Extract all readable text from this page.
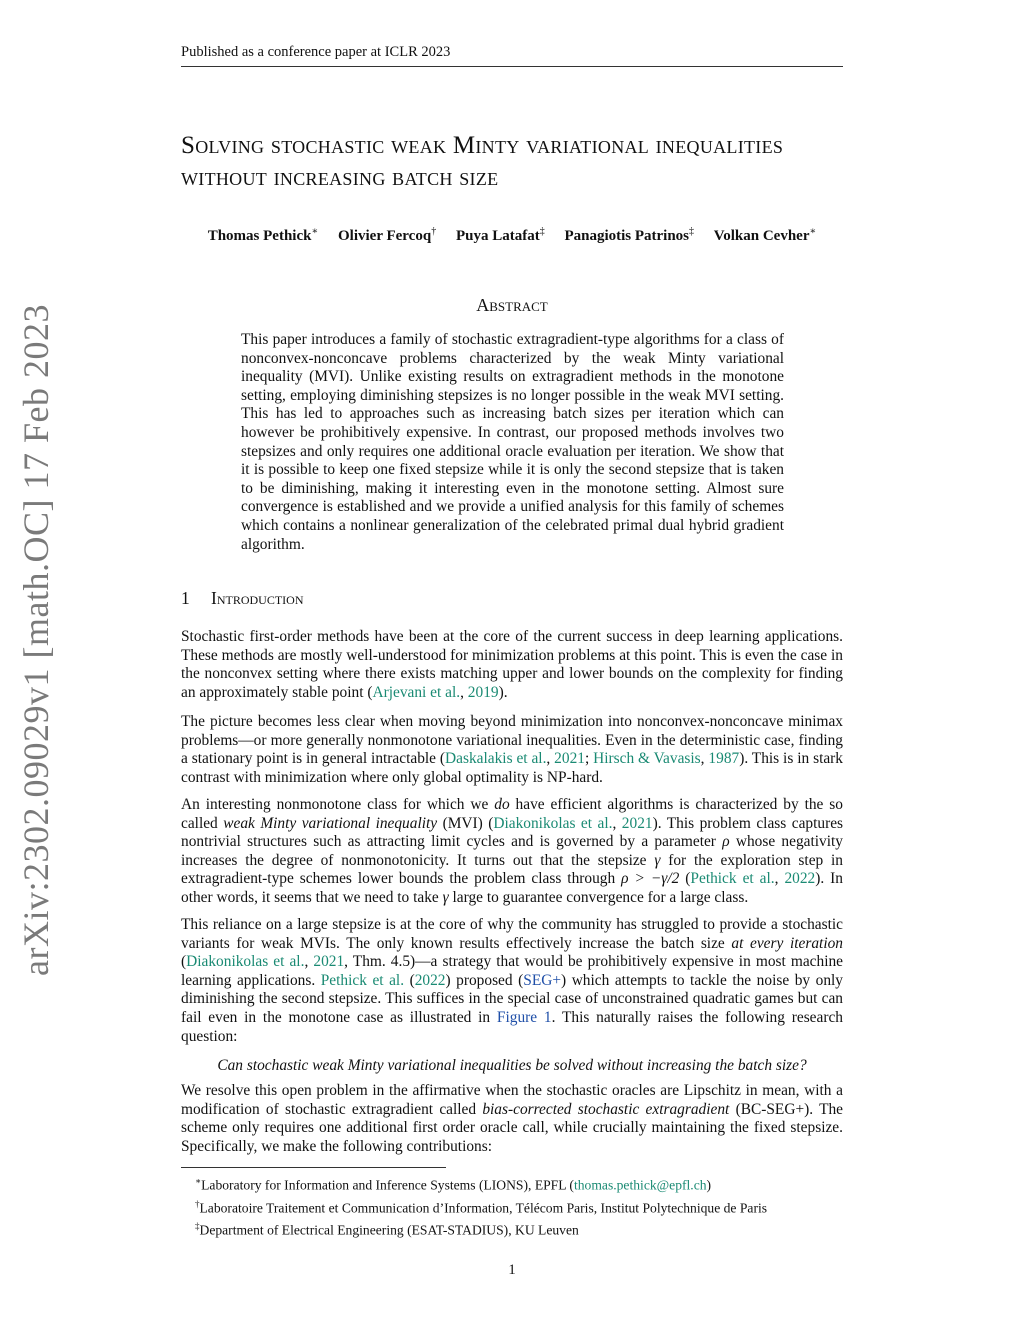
Published as a conference paper at ICLR 2023
arXiv:2302.09029v1 [math.OC] 17 Feb 2023
Solving stochastic weak Minty variational inequalities without increasing batch size
Thomas Pethick∗ Olivier Fercoq† Puya Latafat‡ Panagiotis Patrinos‡ Volkan Cevher∗
Abstract
This paper introduces a family of stochastic extragradient-type algorithms for a class of nonconvex-nonconcave problems characterized by the weak Minty variational inequality (MVI). Unlike existing results on extragradient methods in the monotone setting, employing diminishing stepsizes is no longer possible in the weak MVI setting. This has led to approaches such as increasing batch sizes per iteration which can however be prohibitively expensive. In contrast, our proposed methods involves two stepsizes and only requires one additional oracle evaluation per iteration. We show that it is possible to keep one fixed stepsize while it is only the second stepsize that is taken to be diminishing, making it interesting even in the monotone setting. Almost sure convergence is established and we provide a unified analysis for this family of schemes which contains a nonlinear generalization of the celebrated primal dual hybrid gradient algorithm.
1 Introduction
Stochastic first-order methods have been at the core of the current success in deep learning applications. These methods are mostly well-understood for minimization problems at this point. This is even the case in the nonconvex setting where there exists matching upper and lower bounds on the complexity for finding an approximately stable point (Arjevani et al., 2019).
The picture becomes less clear when moving beyond minimization into nonconvex-nonconcave minimax problems—or more generally nonmonotone variational inequalities. Even in the deterministic case, finding a stationary point is in general intractable (Daskalakis et al., 2021; Hirsch & Vavasis, 1987). This is in stark contrast with minimization where only global optimality is NP-hard.
An interesting nonmonotone class for which we do have efficient algorithms is characterized by the so called weak Minty variational inequality (MVI) (Diakonikolas et al., 2021). This problem class captures nontrivial structures such as attracting limit cycles and is governed by a parameter ρ whose negativity increases the degree of nonmonotonicity. It turns out that the stepsize γ for the exploration step in extragradient-type schemes lower bounds the problem class through ρ > −γ/2 (Pethick et al., 2022). In other words, it seems that we need to take γ large to guarantee convergence for a large class.
This reliance on a large stepsize is at the core of why the community has struggled to provide a stochastic variants for weak MVIs. The only known results effectively increase the batch size at every iteration (Diakonikolas et al., 2021, Thm. 4.5)—a strategy that would be prohibitively expensive in most machine learning applications. Pethick et al. (2022) proposed (SEG+) which attempts to tackle the noise by only diminishing the second stepsize. This suffices in the special case of unconstrained quadratic games but can fail even in the monotone case as illustrated in Figure 1. This naturally raises the following research question:
Can stochastic weak Minty variational inequalities be solved without increasing the batch size?
We resolve this open problem in the affirmative when the stochastic oracles are Lipschitz in mean, with a modification of stochastic extragradient called bias-corrected stochastic extragradient (BC-SEG+). The scheme only requires one additional first order oracle call, while crucially maintaining the fixed stepsize. Specifically, we make the following contributions:
∗Laboratory for Information and Inference Systems (LIONS), EPFL (thomas.pethick@epfl.ch)
†Laboratoire Traitement et Communication d’Information, Télécom Paris, Institut Polytechnique de Paris
‡Department of Electrical Engineering (ESAT-STADIUS), KU Leuven
1
